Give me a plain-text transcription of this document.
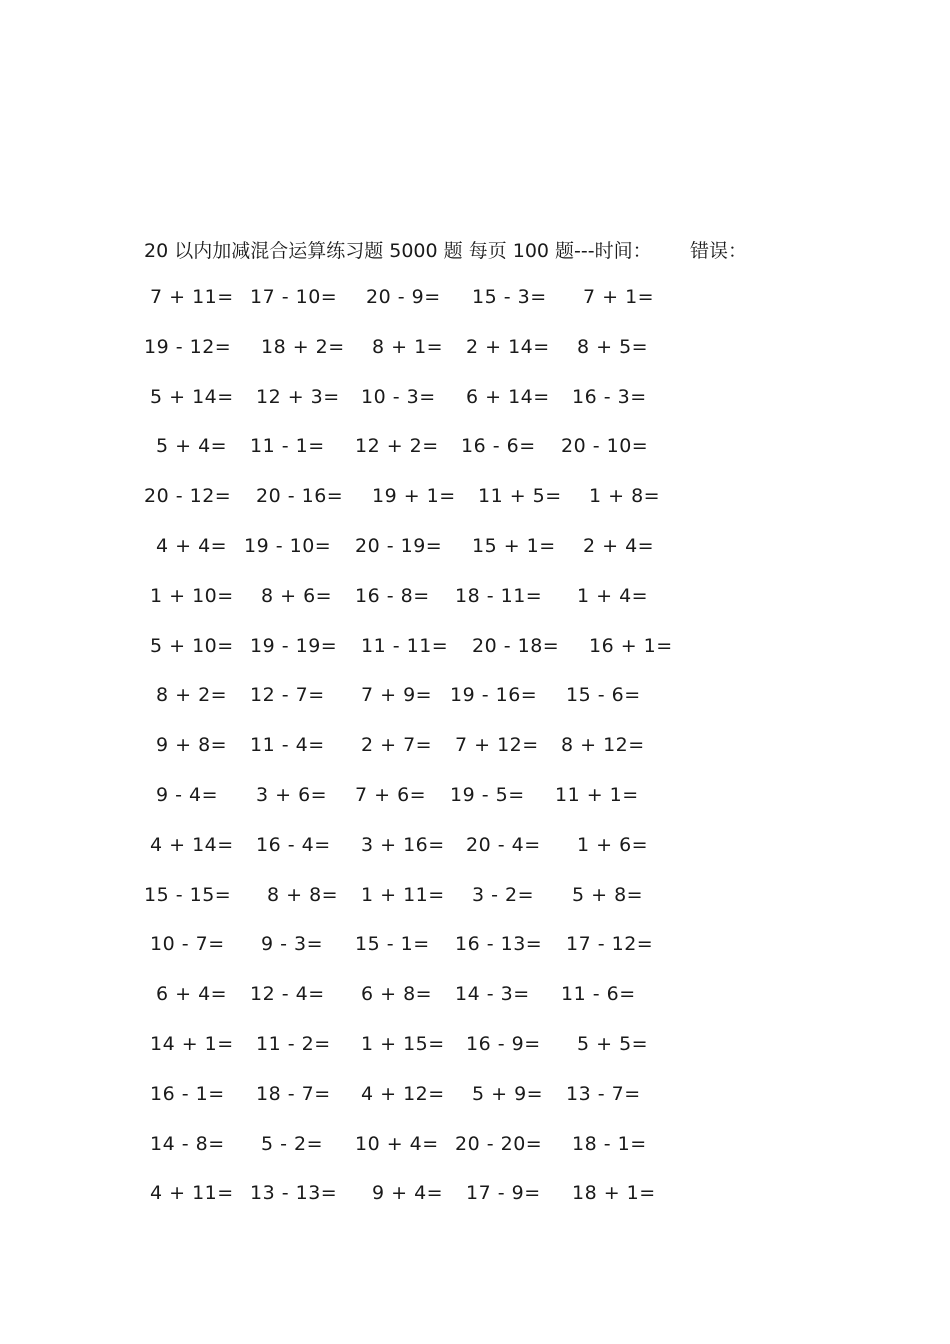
20 以内加减混合运算练习题 5000 题 每页 100 题---时间： 错误：
7 + 11= 17 - 10= 20 - 9= 15 - 3= 7 + 1=
19 - 12= 18 + 2= 8 + 1= 2 + 14= 8 + 5=
5 + 14= 12 + 3= 10 - 3= 6 + 14= 16 - 3=
5 + 4= 11 - 1= 12 + 2= 16 - 6= 20 - 10=
20 - 12= 20 - 16= 19 + 1= 11 + 5= 1 + 8=
4 + 4= 19 - 10= 20 - 19= 15 + 1= 2 + 4=
1 + 10= 8 + 6= 16 - 8= 18 - 11= 1 + 4=
5 + 10= 19 - 19= 11 - 11= 20 - 18= 16 + 1=
8 + 2= 12 - 7= 7 + 9= 19 - 16= 15 - 6=
9 + 8= 11 - 4= 2 + 7= 7 + 12= 8 + 12=
9 - 4= 3 + 6= 7 + 6= 19 - 5= 11 + 1=
4 + 14= 16 - 4= 3 + 16= 20 - 4= 1 + 6=
15 - 15= 8 + 8= 1 + 11= 3 - 2= 5 + 8=
10 - 7= 9 - 3= 15 - 1= 16 - 13= 17 - 12=
6 + 4= 12 - 4= 6 + 8= 14 - 3= 11 - 6=
14 + 1= 11 - 2= 1 + 15= 16 - 9= 5 + 5=
16 - 1= 18 - 7= 4 + 12= 5 + 9= 13 - 7=
14 - 8= 5 - 2= 10 + 4= 20 - 20= 18 - 1=
4 + 11= 13 - 13= 9 + 4= 17 - 9= 18 + 1=
